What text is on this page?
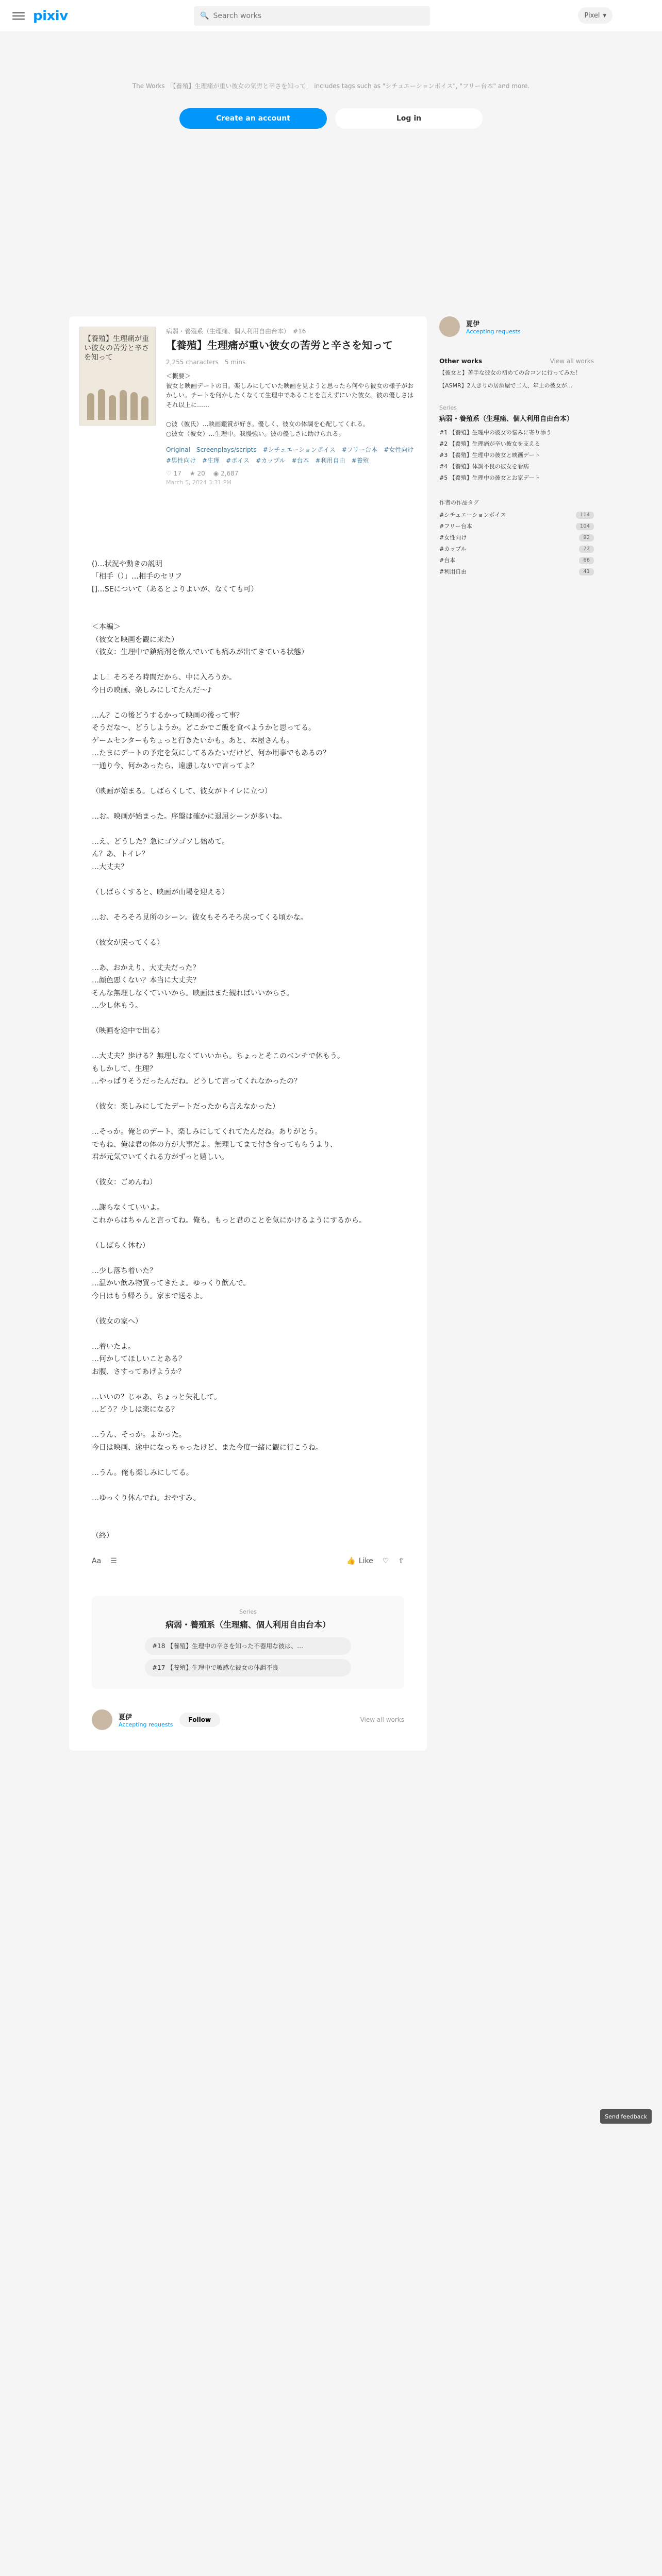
pixiv	🔍
Search works	Pixel ▾
The Works 「【養殖】生理痛が重い彼女の気労と辛さを知って」 includes tags such as "シチュエーションボイス", "フリー台本" and more.
Create an account	Log in
【養殖】生理痛が重い彼女の苦労と辛さを知って
病弱・養殖系（生理痛、個人利用自由台本）　#16
【養殖】生理痛が重い彼女の苦労と辛さを知って
2,255 characters　5 mins
＜概要＞
彼女と映画デートの日。楽しみにしていた映画を見ようと思ったら何やら彼女の様子がおかしい。チートを何かしたくなくて生理中であることを言えずにいた彼女。彼の優しさはそれ以上に……

○彼（彼氏）…映画鑑賞が好き。優しく、彼女の体調を心配してくれる。
○彼女（彼女）…生理中。我慢強い。彼の優しさに助けられる。
Original　Screenplays/scripts　#シチュエーションボイス　#フリー台本　#女性向け　#男性向け　#生理　#ボイス　#カップル　#台本　#利用自由　#養殖
♡ 17 ★ 20 ◉ 2,687
March 5, 2024 3:31 PM
()…状況や動きの説明
「相手（）」…相手のセリフ
[]…SEについて（あるとよりよいが、なくても可）

＜本編＞
（彼女と映画を観に来た）
（彼女：生理中で鎮痛剤を飲んでいても痛みが出てきている状態）

よし！そろそろ時間だから、中に入ろうか。
今日の映画、楽しみにしてたんだ〜♪

…ん？この後どうするかって映画の後って事？
そうだな〜、どうしようか。どこかでご飯を食べようかと思ってる。
ゲームセンターもちょっと行きたいかも。あと、本屋さんも。
…たまにデートの予定を気にしてるみたいだけど、何か用事でもあるの？
一通り今、何かあったら、遠慮しないで言ってよ？

（映画が始まる。しばらくして、彼女がトイレに立つ）

…お。映画が始まった。序盤は確かに退屈シーンが多いね。

…え、どうした？急にゴソゴソし始めて。
ん？あ、トイレ？
…大丈夫？

（しばらくすると、映画が山場を迎える）

…お、そろそろ見所のシーン。彼女もそろそろ戻ってくる頃かな。

（彼女が戻ってくる）

…あ、おかえり、大丈夫だった？
…顔色悪くない？本当に大丈夫？
そんな無理しなくていいから。映画はまた観ればいいからさ。
…少し休もう。

（映画を途中で出る）

…大丈夫？歩ける？無理しなくていいから。ちょっとそこのベンチで休もう。
もしかして、生理？
…やっぱりそうだったんだね。どうして言ってくれなかったの？

（彼女：楽しみにしてたデートだったから言えなかった）

…そっか。俺とのデート、楽しみにしてくれてたんだね。ありがとう。
でもね、俺は君の体の方が大事だよ。無理してまで付き合ってもらうより、
君が元気でいてくれる方がずっと嬉しい。

（彼女：ごめんね）

…謝らなくていいよ。
これからはちゃんと言ってね。俺も、もっと君のことを気にかけるようにするから。

（しばらく休む）

…少し落ち着いた？
…温かい飲み物買ってきたよ。ゆっくり飲んで。
今日はもう帰ろう。家まで送るよ。

（彼女の家へ）

…着いたよ。
…何かしてほしいことある？
お腹、さすってあげようか？

…いいの？じゃあ、ちょっと失礼して。
…どう？少しは楽になる？

…うん、そっか。よかった。
今日は映画、途中になっちゃったけど、また今度一緒に観に行こうね。

…うん。俺も楽しみにしてる。

…ゆっくり休んでね。おやすみ。

（終）
Aa ☰	👍 Like ♡ ⇧
Series
病弱・養殖系（生理痛、個人利用自由台本）
#18 【養殖】生理中の辛さを知った不器用な彼は、…
#17 【養殖】生理中で敏感な彼女の体調不良
夏伊
Accepting requests
Follow	View all works
夏伊
Accepting requests
Other works	View all works
【彼女と】苦手な彼女の初めての合コンに行ってみた！
【ASMR】2人きりの居酒屋で二人、年上の彼女が…
Series
病弱・養殖系（生理痛、個人利用自由台本）
#1 【養殖】生理中の彼女の悩みに寄り添う
#2 【養殖】生理痛が辛い彼女を支える
#3 【養殖】生理中の彼女と映画デート
#4 【養殖】体調不良の彼女を看病
#5 【養殖】生理中の彼女とお家デート
作者の作品タグ
#シチュエーションボイス	114
#フリー台本	104
#女性向け	92
#カップル	72
#台本	66
#利用自由	41
Send feedback
